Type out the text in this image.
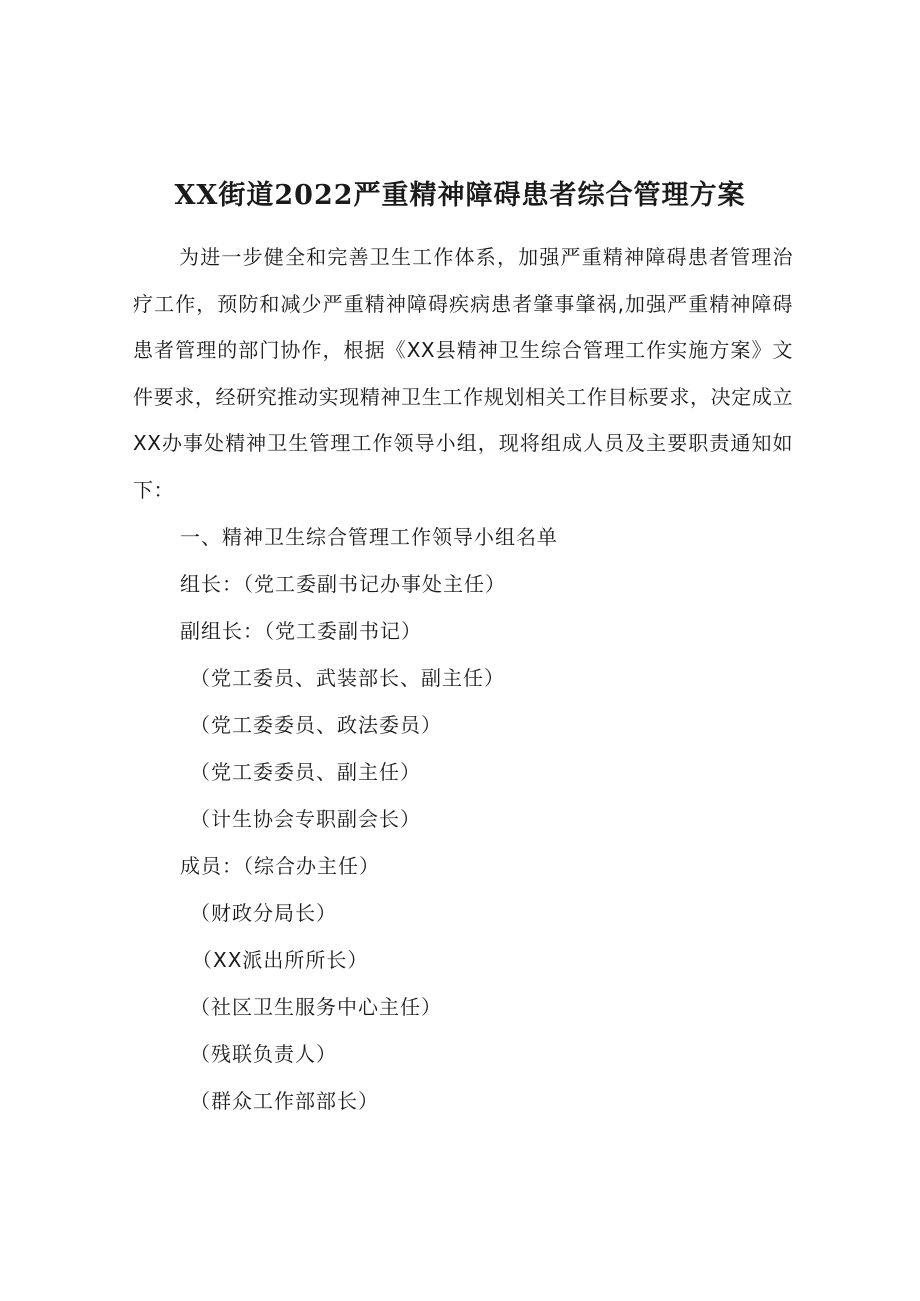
XX街道2022严重精神障碍患者综合管理方案

为进一步健全和完善卫生工作体系，加强严重精神障碍患者管理治疗工作，预防和减少严重精神障碍疾病患者肇事肇祸,加强严重精神障碍患者管理的部门协作，根据《XX县精神卫生综合管理工作实施方案》文件要求，经研究推动实现精神卫生工作规划相关工作目标要求，决定成立XX办事处精神卫生管理工作领导小组，现将组成人员及主要职责通知如下：

一、精神卫生综合管理工作领导小组名单
组长：（党工委副书记办事处主任）
副组长：（党工委副书记）
（党工委员、武装部长、副主任）
（党工委委员、政法委员）
（党工委委员、副主任）
（计生协会专职副会长）
成员：（综合办主任）
（财政分局长）
（XX派出所所长）
（社区卫生服务中心主任）
（残联负责人）
（群众工作部部长）
